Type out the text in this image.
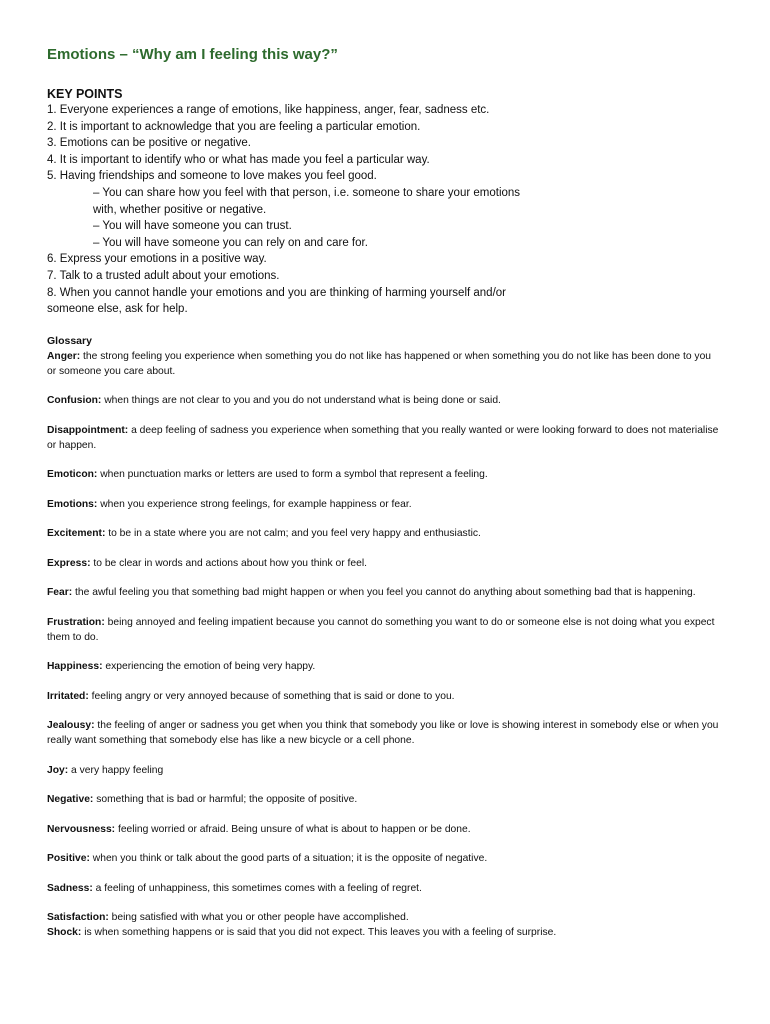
Emotions – “Why am I feeling this way?”

KEY POINTS

1. Everyone experiences a range of emotions, like happiness, anger, fear, sadness etc.

2. It is important to acknowledge that you are feeling a particular emotion.

3. Emotions can be positive or negative.

4. It is important to identify who or what has made you feel a particular way.

5. Having friendships and someone to love makes you feel good.

– You can share how you feel with that person, i.e. someone to share your emotions

with, whether positive or negative.

– You will have someone you can trust.

– You will have someone you can rely on and care for.

6. Express your emotions in a positive way.

7. Talk to a trusted adult about your emotions.

8. When you cannot handle your emotions and you are thinking of harming yourself and/or

someone else, ask for help.

Glossary

Anger: the strong feeling you experience when something you do not like has happened or when something you do not like has been done to you or someone you care about.

Confusion: when things are not clear to you and you do not understand what is being done or said.

Disappointment: a deep feeling of sadness you experience when something that you really wanted or were looking forward to does not materialise or happen.

Emoticon: when punctuation marks or letters are used to form a symbol that represent a feeling.

Emotions: when you experience strong feelings, for example happiness or fear.

Excitement: to be in a state where you are not calm; and you feel very happy and enthusiastic.

Express: to be clear in words and actions about how you think or feel.

Fear: the awful feeling you that something bad might happen or when you feel you cannot do anything about something bad that is happening.

Frustration: being annoyed and feeling impatient because you cannot do something you want to do or someone else is not doing what you expect them to do.

Happiness: experiencing the emotion of being very happy.

Irritated: feeling angry or very annoyed because of something that is said or done to you.

Jealousy: the feeling of anger or sadness you get when you think that somebody you like or love is showing interest in somebody else or when you really want something that somebody else has like a new bicycle or a cell phone.

Joy: a very happy feeling

Negative: something that is bad or harmful; the opposite of positive.

Nervousness: feeling worried or afraid. Being unsure of what is about to happen or be done.

Positive: when you think or talk about the good parts of a situation; it is the opposite of negative.

Sadness: a feeling of unhappiness, this sometimes comes with a feeling of regret.

Satisfaction: being satisfied with what you or other people have accomplished.

Shock: is when something happens or is said that you did not expect. This leaves you with a feeling of surprise.
